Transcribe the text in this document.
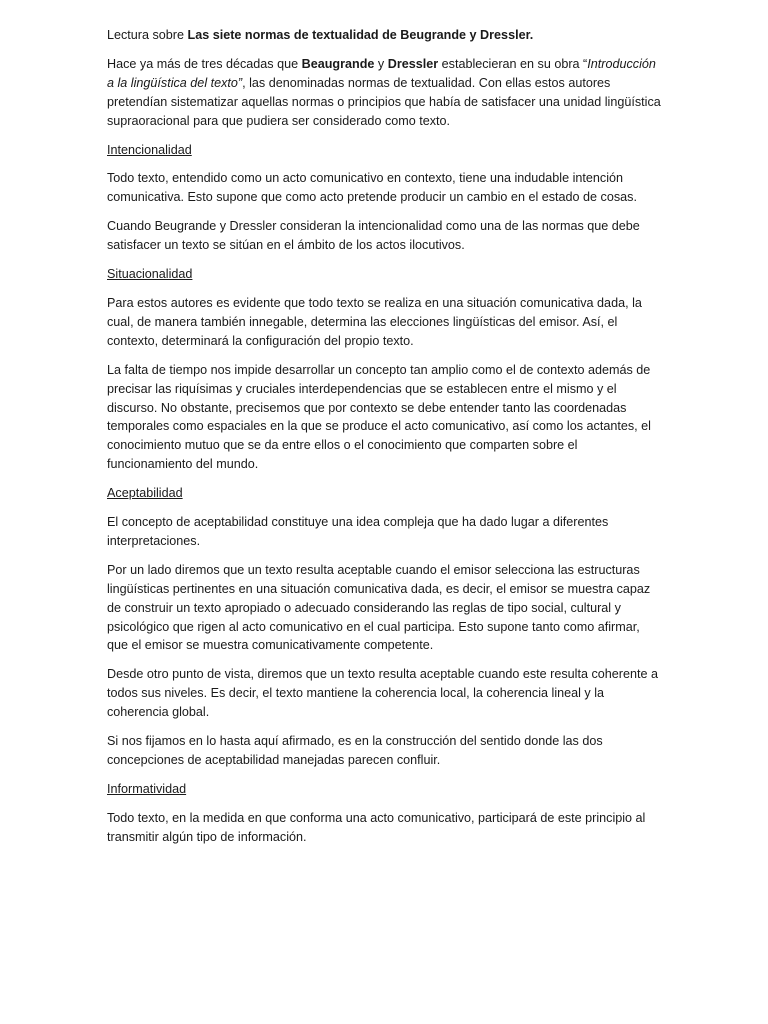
Lectura sobre Las siete normas de textualidad de Beugrande y Dressler.

Hace ya más de tres décadas que Beaugrande y Dressler establecieran en su obra “Introducción a la lingüística del texto”, las denominadas normas de textualidad. Con ellas estos autores pretendían sistematizar aquellas normas o principios que había de satisfacer una unidad lingüística supraoracional para que pudiera ser considerado como texto.

Intencionalidad

Todo texto, entendido como un acto comunicativo en contexto, tiene una indudable intención comunicativa. Esto supone que como acto pretende producir un cambio en el estado de cosas.

Cuando Beugrande y Dressler consideran la intencionalidad como una de las normas que debe satisfacer un texto se sitúan en el ámbito de los actos ilocutivos.

Situacionalidad

Para estos autores es evidente que todo texto se realiza en una situación comunicativa dada, la cual, de manera también innegable, determina las elecciones lingüísticas del emisor. Así, el contexto, determinará la configuración del propio texto.

La falta de tiempo nos impide desarrollar un concepto tan amplio como el de contexto además de precisar las riquísimas y cruciales interdependencias que se establecen entre el mismo y el discurso. No obstante, precisemos que por contexto se debe entender tanto las coordenadas temporales como espaciales en la que se produce el acto comunicativo, así como los actantes, el conocimiento mutuo que se da entre ellos o el conocimiento que comparten sobre el funcionamiento del mundo.

Aceptabilidad

El concepto de aceptabilidad constituye una idea compleja que ha dado lugar a diferentes interpretaciones.

Por un lado diremos que un texto resulta aceptable cuando el emisor selecciona las estructuras lingüísticas pertinentes en una situación comunicativa dada, es decir, el emisor se muestra capaz de construir un texto apropiado o adecuado considerando las reglas de tipo social, cultural y psicológico que rigen al acto comunicativo en el cual participa. Esto supone tanto como afirmar, que el emisor se muestra comunicativamente competente.

Desde otro punto de vista, diremos que un texto resulta aceptable cuando este resulta coherente a todos sus niveles. Es decir, el texto mantiene la coherencia local, la coherencia lineal y la coherencia global.

Si nos fijamos en lo hasta aquí afirmado, es en la construcción del sentido donde las dos concepciones de aceptabilidad manejadas parecen confluir.

Informatividad

Todo texto, en la medida en que conforma una acto comunicativo, participará de este principio al transmitir algún tipo de información.
